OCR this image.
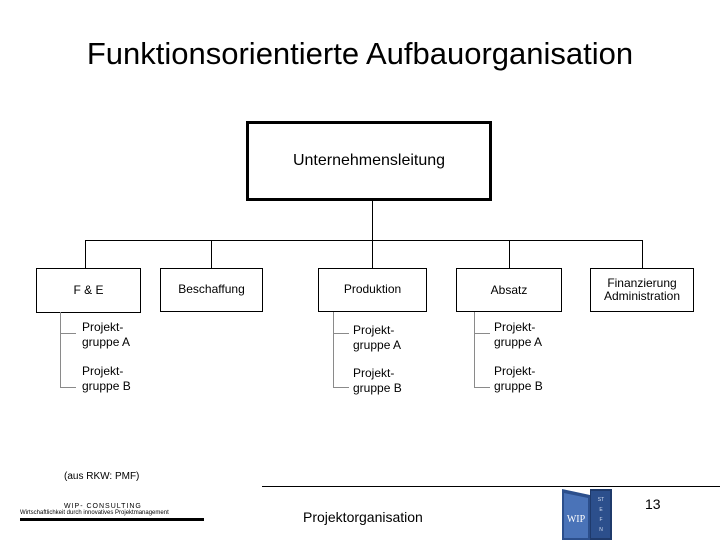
Funktionsorientierte Aufbauorganisation
Unternehmensleitung
F & E	Beschaffung	Produktion	Absatz	Finanzierung Administration
Projekt-
gruppe A
Projekt-
gruppe B
Projekt-
gruppe A
Projekt-
gruppe B
Projekt-
gruppe A
Projekt-
gruppe B
(aus RKW: PMF)
WIP- CONSULTING
Wirtschaftlichkeit durch innovatives Projektmanagement	Projektorganisation
13
WIP
ST
E
F
N
